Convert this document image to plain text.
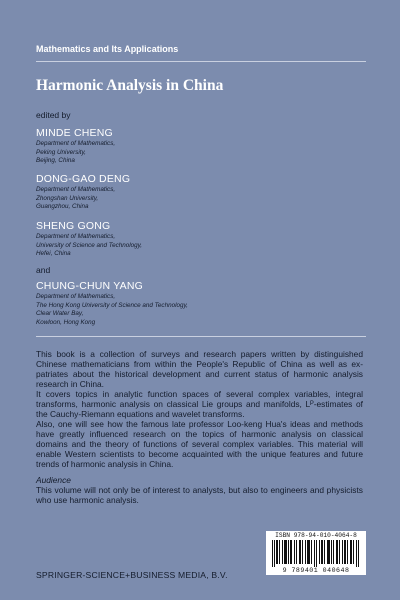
Mathematics and Its Applications
Harmonic Analysis in China
edited by
MINDE CHENG
Department of Mathematics,
Peking University,
Beijing, China
DONG-GAO DENG
Department of Mathematics,
Zhongshan University,
Guangzhou, China
SHENG GONG
Department of Mathematics,
University of Science and Technology,
Hefei, China
and
CHUNG-CHUN YANG
Department of Mathematics,
The Hong Kong University of Science and Technology,
Clear Water Bay,
Kowloon, Hong Kong

This book is a collection of surveys and research papers written by distinguished Chinese mathematicians from within the People's Republic of China as well as ex-patriates about the historical development and current status of harmonic analysis research in China.

It covers topics in analytic function spaces of several complex variables, integral transforms, harmonic analysis on classical Lie groups and manifolds, Lᴾ-estimates of the Cauchy-Riemann equations and wavelet transforms.

Also, one will see how the famous late professor Loo-keng Hua's ideas and methods have greatly influenced research on the topics of harmonic analysis on classical domains and the theory of functions of several complex variables. This material will enable Western scientists to become acquainted with the unique features and future trends of harmonic analysis in China.

Audience

This volume will not only be of interest to analysts, but also to engineers and physicists who use harmonic analysis.

ISBN 978-94-010-4064-8
9 789401 040648
SPRINGER-SCIENCE+BUSINESS MEDIA, B.V.
